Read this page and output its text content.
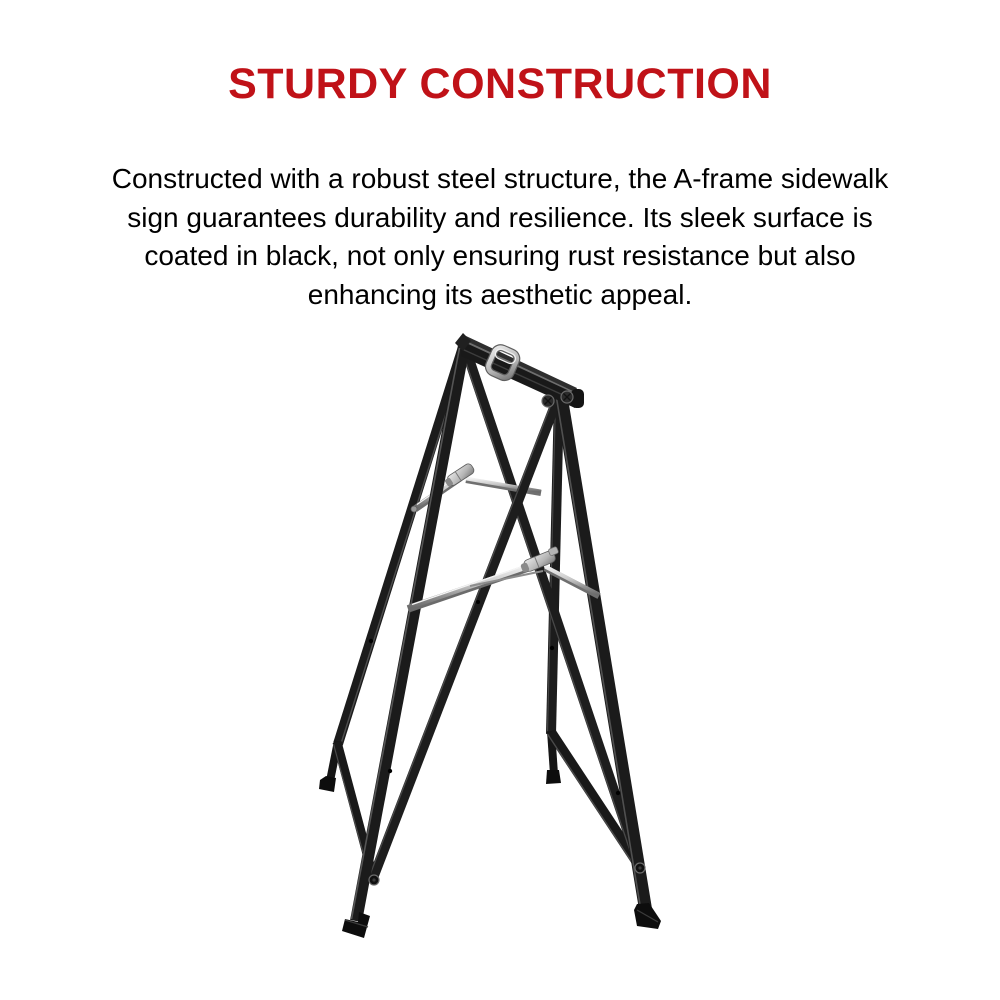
STURDY CONSTRUCTION
Constructed with a robust steel structure, the A-frame sidewalk
sign guarantees durability and resilience. Its sleek surface is
coated in black, not only ensuring rust resistance but also
enhancing its aesthetic appeal.
